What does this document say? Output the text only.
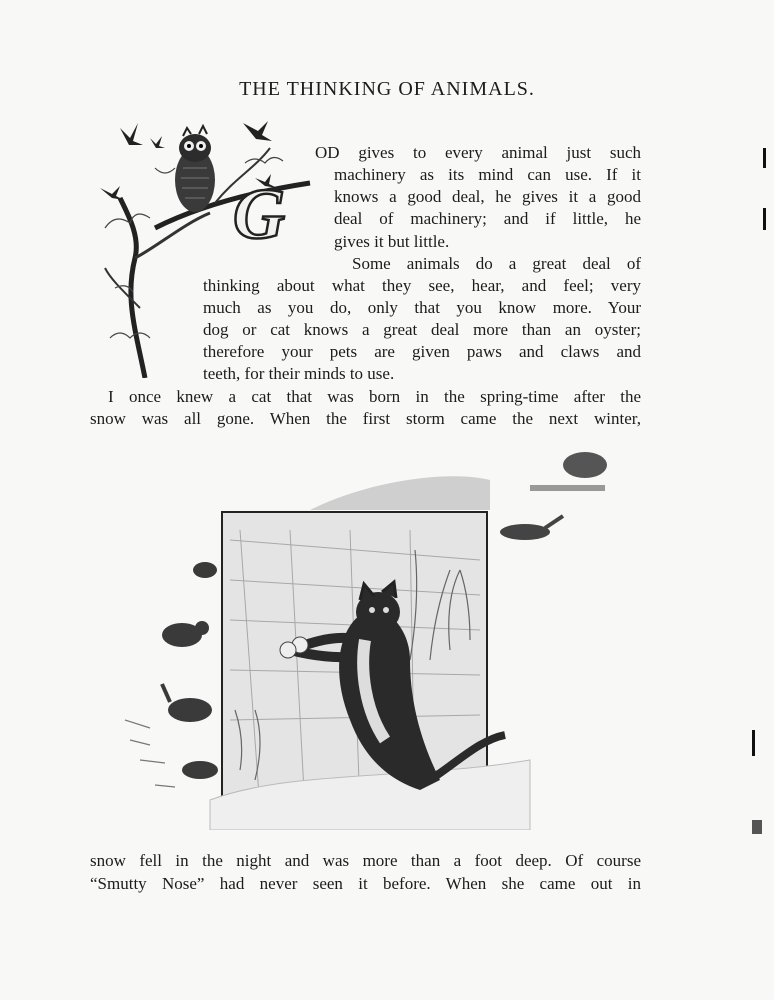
THE THINKING OF ANIMALS.
G
OD gives to every animal just such
machinery as its mind can use. If it
knows a good deal, he gives it a good
deal of machinery; and if little, he
gives it but little.
Some animals do a great deal of
thinking about what they see, hear, and feel; very
much as you do, only that you know more. Your
dog or cat knows a great deal more than an oyster;
therefore your pets are given paws and claws and
teeth, for their minds to use.
I once knew a cat that was born in the spring-time after the
snow was all gone. When the first storm came the next winter,
snow fell in the night and was more than a foot deep. Of course
“Smutty Nose” had never seen it before. When she came out in
